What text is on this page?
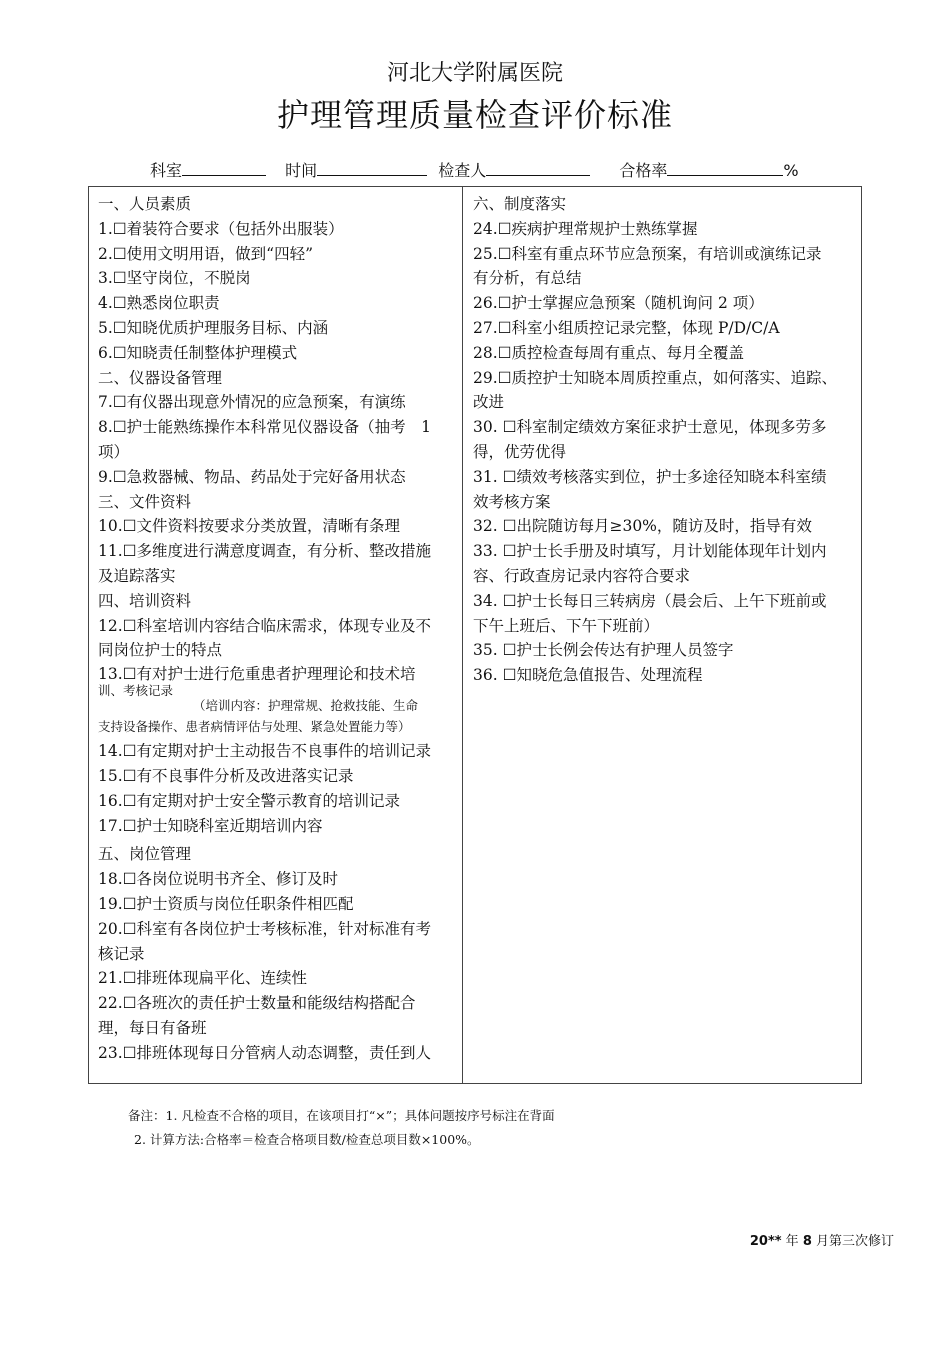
河北大学附属医院
护理管理质量检查评价标准
科室	时间	检查人	合格率	%
一、人员素质
1.☐着装符合要求（包括外出服装）
2.☐使用文明用语，做到“四轻”
3.☐坚守岗位，不脱岗
4.☐熟悉岗位职责
5.☐知晓优质护理服务目标、内涵
6.☐知晓责任制整体护理模式
二、仪器设备管理
7.☐有仪器出现意外情况的应急预案，有演练
8.☐护士能熟练操作本科常见仪器设备（抽考　1
项）
9.☐急救器械、物品、药品处于完好备用状态
三、文件资料
10.☐文件资料按要求分类放置，清晰有条理
11.☐多维度进行满意度调查，有分析、整改措施
及追踪落实
四、培训资料
12.☐科室培训内容结合临床需求，体现专业及不
同岗位护士的特点
13.☐有对护士进行危重患者护理理论和技术培
训、考核记录
（培训内容：护理常规、抢救技能、生命
支持设备操作、患者病情评估与处理、紧急处置能力等）
14.☐有定期对护士主动报告不良事件的培训记录
15.☐有不良事件分析及改进落实记录
16.☐有定期对护士安全警示教育的培训记录
17.☐护士知晓科室近期培训内容
五、岗位管理
18.☐各岗位说明书齐全、修订及时
19.☐护士资质与岗位任职条件相匹配
20.☐科室有各岗位护士考核标准，针对标准有考
核记录
21.☐排班体现扁平化、连续性
22.☐各班次的责任护士数量和能级结构搭配合
理，每日有备班
23.☐排班体现每日分管病人动态调整，责任到人
六、制度落实
24.☐疾病护理常规护士熟练掌握
25.☐科室有重点环节应急预案，有培训或演练记录
有分析，有总结
26.☐护士掌握应急预案（随机询问 2 项）
27.☐科室小组质控记录完整，体现 P/D/C/A
28.☐质控检查每周有重点、每月全覆盖
29.☐质控护士知晓本周质控重点，如何落实、追踪、
改进
30. ☐科室制定绩效方案征求护士意见，体现多劳多
得，优劳优得
31. ☐绩效考核落实到位，护士多途径知晓本科室绩
效考核方案
32. ☐出院随访每月≥30%，随访及时，指导有效
33. ☐护士长手册及时填写，月计划能体现年计划内
容、行政查房记录内容符合要求
34. ☐护士长每日三转病房（晨会后、上午下班前或
下午上班后、下午下班前）
35. ☐护士长例会传达有护理人员签字
36. ☐知晓危急值报告、处理流程
备注：1. 凡检查不合格的项目，在该项目打“×”；具体问题按序号标注在背面
2. 计算方法:合格率＝检查合格项目数/检查总项目数×100%。
20** 年 8 月第三次修订
